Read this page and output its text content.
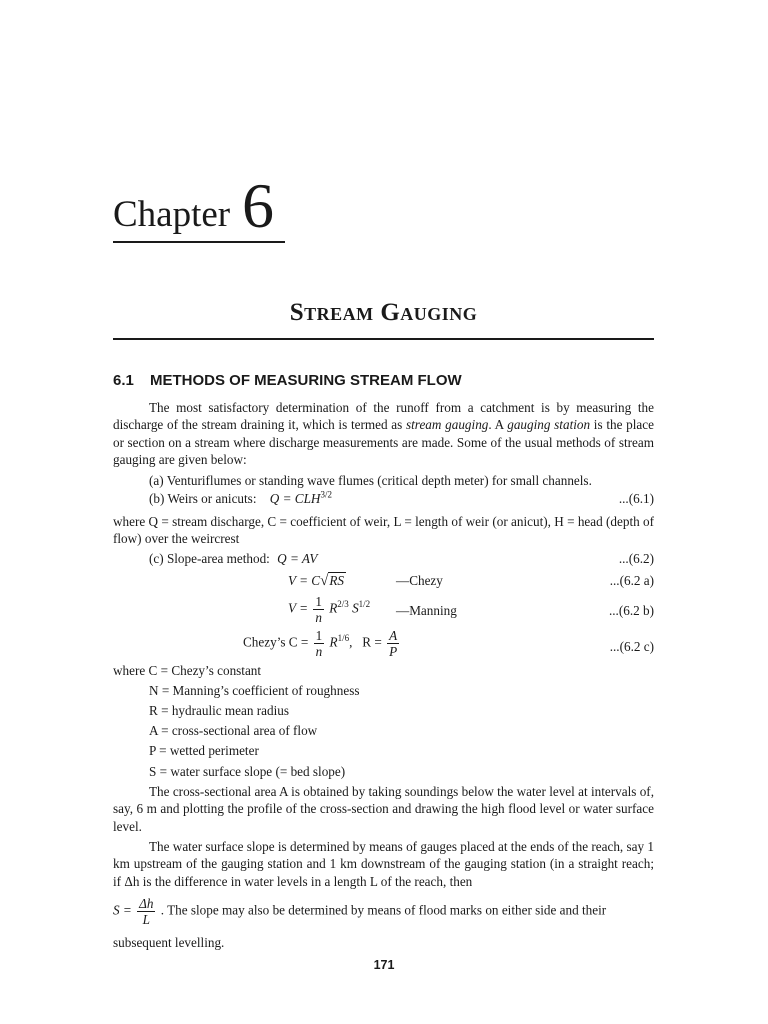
Chapter 6
Stream Gauging
6.1 METHODS OF MEASURING STREAM FLOW
The most satisfactory determination of the runoff from a catchment is by measuring the discharge of the stream draining it, which is termed as stream gauging. A gauging station is the place or section on a stream where discharge measurements are made. Some of the usual methods of stream gauging are given below:
(a) Venturiflumes or standing wave flumes (critical depth meter) for small channels.
(b) Weirs or anicuts: $Q = CLH^{3/2}$	...(6.1)
where Q = stream discharge, C = coefficient of weir, L = length of weir (or anicut), H = head (depth of flow) over the weircrest
(c) Slope-area method: Q = AV	...(6.2)
V = C√RS	—Chezy	...(6.2 a)
$V = \frac{1}{n} R^{2/3}$ $S^{1/2}$ —Manning	...(6.2 b)
Chezy’s $C = \frac{1}{n} R^{1/6}$,   $R = \frac{A}{P}$	...(6.2 c)
where C = Chezy’s constant
N = Manning’s coefficient of roughness
R = hydraulic mean radius
A = cross-sectional area of flow
P = wetted perimeter
S = water surface slope (= bed slope)
The cross-sectional area A is obtained by taking soundings below the water level at intervals of, say, 6 m and plotting the profile of the cross-section and drawing the high flood level or water surface level.
The water surface slope is determined by means of gauges placed at the ends of the reach, say 1 km upstream of the gauging station and 1 km downstream of the gauging station (in a straight reach; if Δh is the difference in water levels in a length L of the reach, then
$S = \frac{\Delta h}{L}$ . The slope may also be determined by means of flood marks on either side and their
subsequent levelling.
171
